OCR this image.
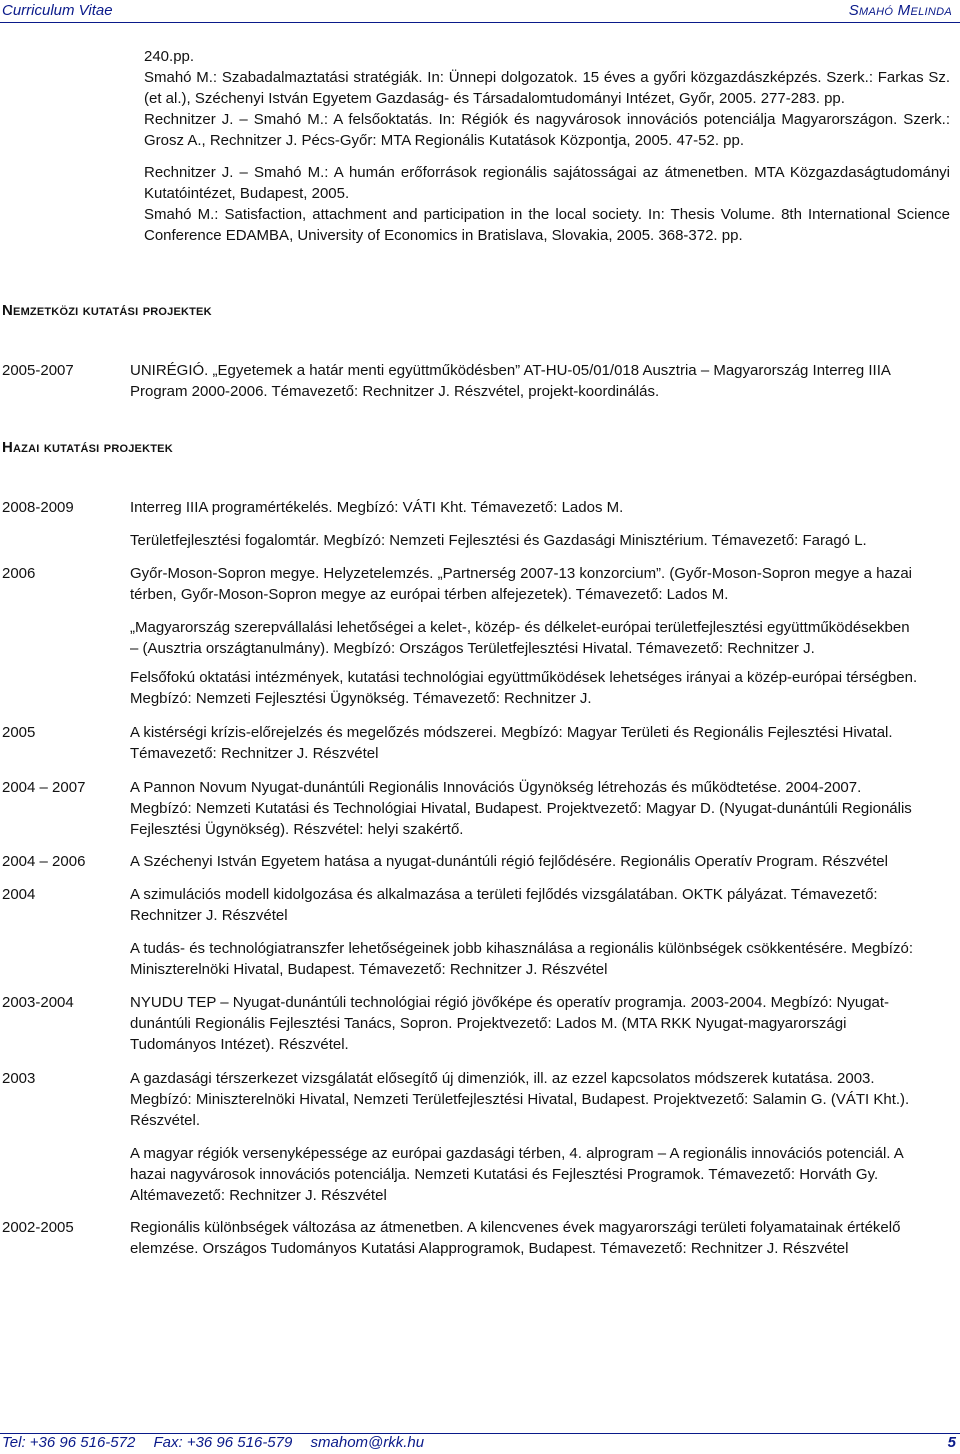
Curriculum Vitae	Smahó Melinda

240.pp.

Smahó M.: Szabadalmaztatási stratégiák. In: Ünnepi dolgozatok. 15 éves a győri közgazdászképzés. Szerk.: Farkas Sz. (et al.), Széchenyi István Egyetem Gazdaság- és Társadalomtudományi Intézet, Győr, 2005. 277-283. pp.

Rechnitzer J. – Smahó M.: A felsőoktatás. In: Régiók és nagyvárosok innovációs potenciálja Magyarországon. Szerk.: Grosz A., Rechnitzer J. Pécs-Győr: MTA Regionális Kutatások Központja, 2005. 47-52. pp.

Rechnitzer J. – Smahó M.: A humán erőforrások regionális sajátosságai az átmenetben. MTA Közgazdaságtudományi Kutatóintézet, Budapest, 2005.

Smahó M.: Satisfaction, attachment and participation in the local society. In: Thesis Volume. 8th International Science Conference EDAMBA, University of Economics in Bratislava, Slovakia, 2005. 368-372. pp.

Nemzetközi kutatási projektek

2005-2007	UNIRÉGIÓ. „Egyetemek a határ menti együttműködésben” AT-HU-05/01/018 Ausztria – Magyarország Interreg IIIA Program 2000-2006. Témavezető: Rechnitzer J. Részvétel, projekt-koordinálás.

Hazai kutatási projektek

2008-2009	Interreg IIIA programértékelés. Megbízó: VÁTI Kht. Témavezető: Lados M.

Területfejlesztési fogalomtár. Megbízó: Nemzeti Fejlesztési és Gazdasági Minisztérium. Témavezető: Faragó L.

2006	Győr-Moson-Sopron megye. Helyzetelemzés. „Partnerség 2007-13 konzorcium”. (Győr-Moson-Sopron megye a hazai térben, Győr-Moson-Sopron megye az európai térben alfejezetek). Témavezető: Lados M.

„Magyarország szerepvállalási lehetőségei a kelet-, közép- és délkelet-európai területfejlesztési együttműködésekben – (Ausztria országtanulmány). Megbízó: Országos Területfejlesztési Hivatal. Témavezető: Rechnitzer J.

Felsőfokú oktatási intézmények, kutatási technológiai együttműködések lehetséges irányai a közép-európai térségben. Megbízó: Nemzeti Fejlesztési Ügynökség. Témavezető: Rechnitzer J.

2005	A kistérségi krízis-előrejelzés és megelőzés módszerei. Megbízó: Magyar Területi és Regionális Fejlesztési Hivatal. Témavezető: Rechnitzer J. Részvétel

2004 – 2007	A Pannon Novum Nyugat-dunántúli Regionális Innovációs Ügynökség létrehozás és működtetése. 2004-2007. Megbízó: Nemzeti Kutatási és Technológiai Hivatal, Budapest. Projektvezető: Magyar D. (Nyugat-dunántúli Regionális Fejlesztési Ügynökség). Részvétel: helyi szakértő.

2004 – 2006	A Széchenyi István Egyetem hatása a nyugat-dunántúli régió fejlődésére. Regionális Operatív Program. Részvétel

2004	A szimulációs modell kidolgozása és alkalmazása a területi fejlődés vizsgálatában. OKTK pályázat. Témavezető: Rechnitzer J. Részvétel

A tudás- és technológiatranszfer lehetőségeinek jobb kihasználása a regionális különbségek csökkentésére. Megbízó: Miniszterelnöki Hivatal, Budapest. Témavezető: Rechnitzer J. Részvétel

2003-2004	NYUDU TEP – Nyugat-dunántúli technológiai régió jövőképe és operatív programja. 2003-2004. Megbízó: Nyugat-dunántúli Regionális Fejlesztési Tanács, Sopron. Projektvezető: Lados M. (MTA RKK Nyugat-magyarországi Tudományos Intézet). Részvétel.

2003	A gazdasági térszerkezet vizsgálatát elősegítő új dimenziók, ill. az ezzel kapcsolatos módszerek kutatása. 2003. Megbízó: Miniszterelnöki Hivatal, Nemzeti Területfejlesztési Hivatal, Budapest. Projektvezető: Salamin G. (VÁTI Kht.). Részvétel.

A magyar régiók versenyképessége az európai gazdasági térben, 4. alprogram – A regionális innovációs potenciál. A hazai nagyvárosok innovációs potenciálja. Nemzeti Kutatási és Fejlesztési Programok. Témavezető: Horváth Gy. Altémavezető: Rechnitzer J. Részvétel

2002-2005	Regionális különbségek változása az átmenetben. A kilencvenes évek magyarországi területi folyamatainak értékelő elemzése. Országos Tudományos Kutatási Alapprogramok, Budapest. Témavezető: Rechnitzer J. Részvétel

Tel: +36 96 516-572 Fax: +36 96 516-579 smahom@rkk.hu	5
